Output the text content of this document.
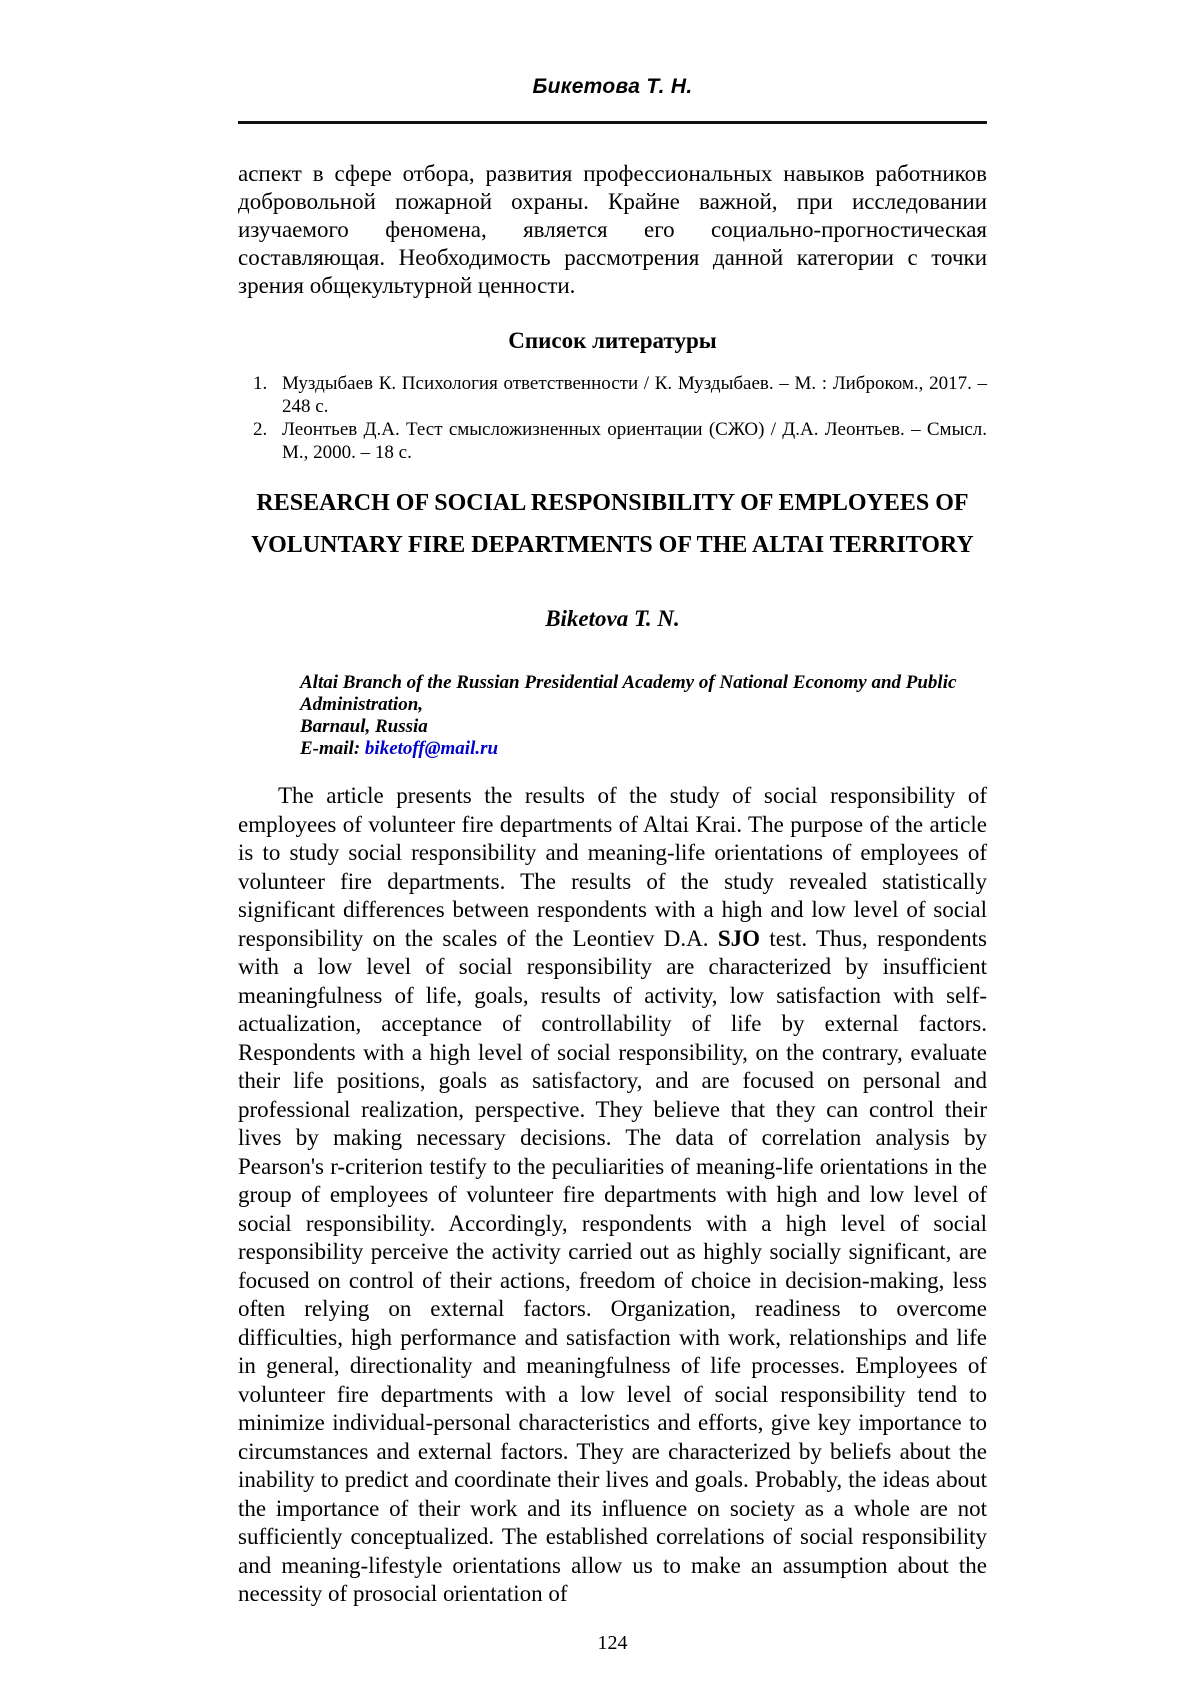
Бикетова Т. Н.

аспект в сфере отбора, развития профессиональных навыков работников добровольной пожарной охраны. Крайне важной, при исследовании изучаемого феномена, является его социально-прогностическая составляющая. Необходимость рассмотрения данной категории с точки зрения общекультурной ценности.

Список литературы
1. Муздыбаев К. Психология ответственности / К. Муздыбаев. – М. : Либроком., 2017. – 248 с.
2. Леонтьев Д.А. Тест смысложизненных ориентации (СЖО) / Д.А. Леонтьев. – Смысл. М., 2000. – 18 с.
RESEARCH OF SOCIAL RESPONSIBILITY OF EMPLOYEES OF
VOLUNTARY FIRE DEPARTMENTS OF THE ALTAI TERRITORY
Biketova T. N.
Altai Branch of the Russian Presidential Academy of National Economy and Public Administration,
Barnaul, Russia
E-mail: biketoff@mail.ru

The article presents the results of the study of social responsibility of employees of volunteer fire departments of Altai Krai. The purpose of the article is to study social responsibility and meaning-life orientations of employees of volunteer fire departments. The results of the study revealed statistically significant differences between respondents with a high and low level of social responsibility on the scales of the Leontiev D.A. SJO test. Thus, respondents with a low level of social responsibility are characterized by insufficient meaningfulness of life, goals, results of activity, low satisfaction with self-actualization, acceptance of controllability of life by external factors. Respondents with a high level of social responsibility, on the contrary, evaluate their life positions, goals as satisfactory, and are focused on personal and professional realization, perspective. They believe that they can control their lives by making necessary decisions. The data of correlation analysis by Pearson's r-criterion testify to the peculiarities of meaning-life orientations in the group of employees of volunteer fire departments with high and low level of social responsibility. Accordingly, respondents with a high level of social responsibility perceive the activity carried out as highly socially significant, are focused on control of their actions, freedom of choice in decision-making, less often relying on external factors. Organization, readiness to overcome difficulties, high performance and satisfaction with work, relationships and life in general, directionality and meaningfulness of life processes. Employees of volunteer fire departments with a low level of social responsibility tend to minimize individual-personal characteristics and efforts, give key importance to circumstances and external factors. They are characterized by beliefs about the inability to predict and coordinate their lives and goals. Probably, the ideas about the importance of their work and its influence on society as a whole are not sufficiently conceptualized. The established correlations of social responsibility and meaning-lifestyle orientations allow us to make an assumption about the necessity of prosocial orientation of

124
